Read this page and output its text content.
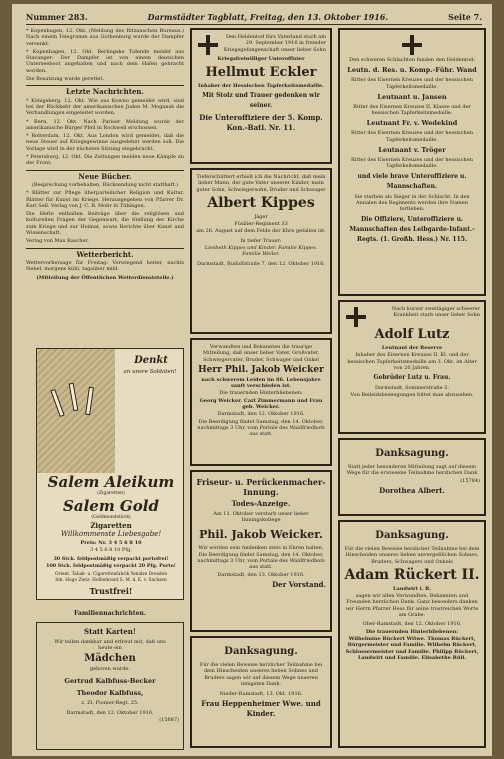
Nummer 283.	Darmstädter Tagblatt, Freitag, den 13. Oktober 1916.	Seite 7.

* Kopenhagen, 12. Okt. (Meldung des Ritzauschen Bureaus.) Nach einem Telegramm aus Gothenburg wurde der Dampfer versenkt.

* Kopenhagen, 12. Okt. Berlingske Tidende meldet aus Stavanger: Der Dampfer ist von einem deutschen Unterseeboot angehalten und nach dem Hafen gebracht worden.

Die Besatzung wurde gerettet.

Letzte Nachrichten.

* Königsberg, 12. Okt. Wie aus Kowno gemeldet wird, sind bei der Rückkehr der amerikanischen Juden M. Mogansk die Verhandlungen eingeleitet worden.

* Bern, 12. Okt. Nach Pariser Meldung wurde der amerikanische Bürger Pfeil in Rockwell erschossen.

* Rotterdam, 12. Okt. Aus London wird gemeldet, daß die neue Steuer auf Kriegsgewinne ausgedehnt werden soll. Die Vorlage wird in der nächsten Sitzung eingebracht.

* Petersburg, 12. Okt. Die Zeitungen melden neue Kämpfe an der Front.

Neue Bücher.

(Besprechung vorbehalten, Rücksendung nicht statthaft.)

* Blätter zur Pflege überparteilicher Religion und Kultur. Blätter für Kunst im Kriege. Herausgegeben von Pfarrer Dr. Karl Sell. Verlag von J. C. B. Mohr in Tübingen.

Die Hefte enthalten Beiträge über die religiösen und kulturellen Fragen der Gegenwart, die Stellung der Kirche zum Kriege und zur Heimat, sowie Berichte über Kunst und Wissenschaft.

Verlag von Max Rascher.

Wetterbericht.

Wettervorhersage für Freitag: Vorwiegend heiter, nachts Nebel, morgens kühl, tagsüber mild.

(Mitteilung der Öffentlichen Wetterdienststelle.)

Denkt
an unsre Soldaten!
Salem Aleikum
(Zigaretten)
Salem Gold
(Goldmundstück)
Zigaretten
Willkommenste Liebesgabe!
Preis: Nr. 3 4 5 6 8 10
3 4 5 6 8 10 Pfg.
30 Stck. feldpostmäßig verpackt portofrei!
100 Stck. feldpostmäßig verpackt 20 Pfg. Porto!
Orient. Tabak- u. Cigarettenfabrik Yenidze Dresden
Inh. Hugo Zietz, Hoflieferant S. M. d. K. v. Sachsen
Trustfrei!
Familiennachrichten.
Statt Karten!
Wir teilen dankbar und erfreut mit, daß uns heute ein
Mädchen
geboren wurde.
Gertrud Kalbfuss-Becker
Theodor Kalbfuss,
z. Zt. Pionier-Regt. 25.
Darmstadt, den 12. Oktober 1916.
(15887)
Den Heldentod fürs Vaterland starb am 29. September 1916 in fremder Kriegsgefangenschaft unser lieber Sohn
Kriegsfreiwilliger Unteroffizier
Hellmut Eckler
Inhaber der Hessischen Tapferkeitsmedaille.
Mit Stolz und Trauer gedenken wir seiner.
Die Unteroffiziere der 5. Komp. Kon.-Batl. Nr. 11.
Tieferschüttert erhielt ich die Nachricht, daß mein lieber Mann, der gute Vater unserer Kinder, mein guter Sohn, Schwiegersohn, Bruder und Schwager
Albert Kippes
Jäger
Füsilier-Regiment 33
am 26. August auf dem Felde der Ehre gefallen ist.
In tiefer Trauer:
Liesbeth Kippes und Kinder. Familie Kippes. Familie Weiler.
Darmstadt, Rudolfstraße 7, den 12. Oktober 1916.
Verwandten und Bekannten die traurige Mitteilung, daß unser lieber Vater, Großvater, Schwiegervater, Bruder, Schwager und Onkel
Herr Phil. Jakob Weicker
nach schwerem Leiden im 86. Lebensjahre sanft verschieden ist.
Die trauernden Hinterbliebenen:
Georg Weicker. Carl Zimmermann und Frau geb. Weicker.
Darmstadt, den 12. Oktober 1916.
Die Beerdigung findet Samstag, den 14. Oktober, nachmittags 3 Uhr, vom Portale des Waldfriedhofs aus statt.
Friseur- u. Perückenmacher-Innung.
Todes-Anzeige.
Am 11. Oktober verstarb unser lieber Innungskollege
Phil. Jakob Weicker.
Wir werden sein Andenken stets in Ehren halten.
Die Beerdigung findet Samstag, den 14. Oktober, nachmittags 3 Uhr, vom Portale des Waldfriedhofs aus statt.
Darmstadt, den 13. Oktober 1916.
Der Vorstand.
Danksagung.
Für die vielen Beweise herzlicher Teilnahme bei dem Hinscheiden unseres lieben Sohnes und Bruders sagen wir auf diesem Wege unseren innigsten Dank.
Nieder-Ramstadt, 13. Okt. 1916.
Frau Heppenheimer Wwe. und Kinder.
Den schweren Schlachten fanden den Heldentod:
Leutn. d. Res. u. Komp.-Führ. Wand
Ritter des Eisernen Kreuzes und der hessischen Tapferkeitsmedaille.
Leutnant u. Jansen
Ritter des Eisernen Kreuzes II. Klasse und der hessischen Tapferkeitsmedaille.
Leutnant Fr. v. Wedekind
Ritter des Eisernen Kreuzes und der hessischen Tapferkeitsmedaille.
Leutnant v. Tröger
Ritter des Eisernen Kreuzes und der hessischen Tapferkeitsmedaille.
und viele brave Unteroffiziere u. Mannschaften.
Sie starben als Sieger in der Schlacht. In den Annalen des Regiments werden ihre Namen fortleben.
Die Offiziere, Unteroffiziere u. Mannschaften des Leibgarde-Infant.-Regts. (1. Großh. Hess.) Nr. 115.
Nach kurzer zweitägiger schwerer Krankheit starb unser lieber Sohn
Adolf Lutz
Leutnant der Reserve
Inhaber des Eisernen Kreuzes II. Kl. und der hessischen Tapferkeitsmedaille am 3. Okt. im Alter von 20 Jahren.
Gebrüder Lutz u. Frau.
Darmstadt, Sommerstraße 3.
Von Beileidsbezeugungen bittet man abzusehen.
Danksagung.
Statt jeder besonderen Mitteilung sagt auf diesem Wege für die erwiesene Teilnahme herzlichen Dank
(15784)
Dorothea Albert.
Danksagung.
Für die vielen Beweise herzlicher Teilnahme bei dem Hinscheiden unseres lieben unvergeßlichen Sohnes, Bruders, Schwagers und Onkels
Adam Rückert II.
Landwirt i. R.
sagen wir allen Verwandten, Bekannten und Freunden herzlichen Dank. Ganz besonders danken wir Herrn Pfarrer Hess für seine trostreichen Worte am Grabe.
Ober-Ramstadt, den 12. Oktober 1916.
Die trauernden Hinterbliebenen:
Wilhelmine Rückert Witwe. Thomas Rückert, Bürgermeister und Familie. Wilhelm Rückert, Schlossermeister und Familie. Philipp Rückert, Landwirt und Familie. Elisabethe Rüll.
